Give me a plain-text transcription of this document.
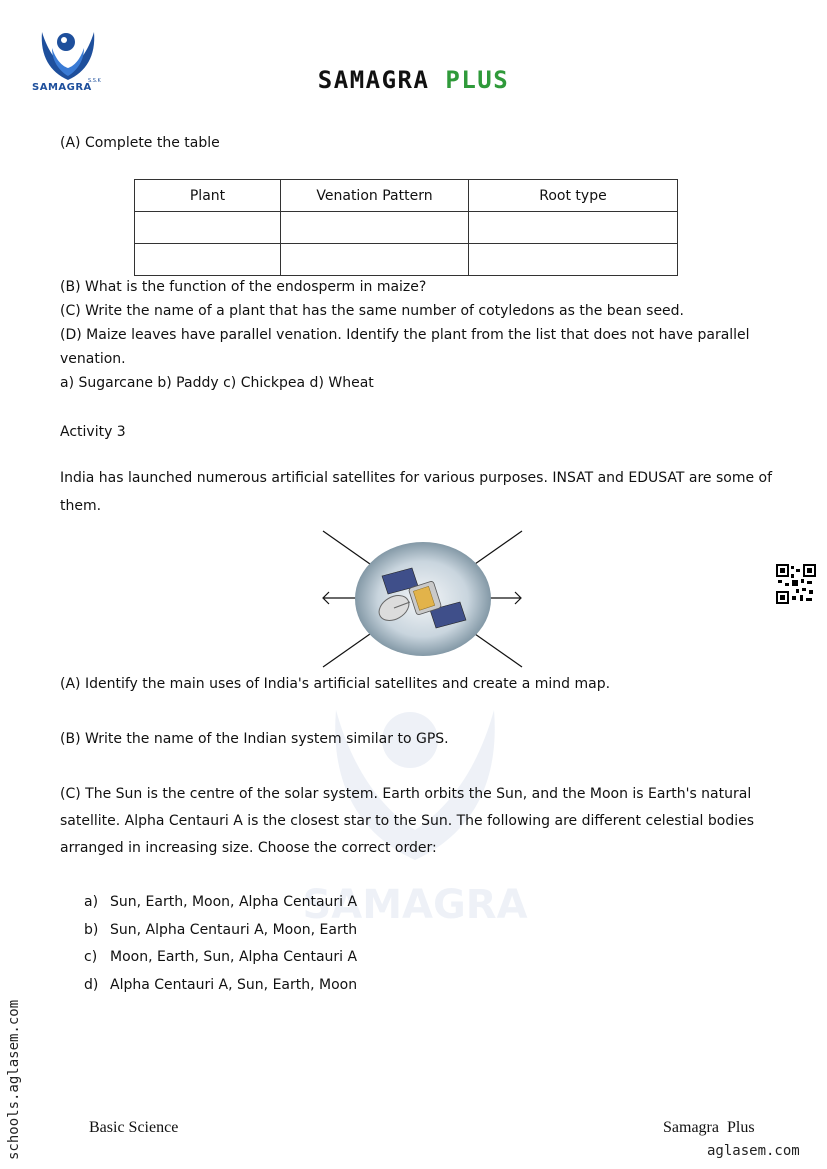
SAMAGRA
S.S.K	SAMAGRA PLUS
SAMAGRA
(A) Complete the table
Plant	Venation Pattern	Root type

(B) What is the function of the endosperm in maize?
(C) Write the name of a plant that has the same number of cotyledons as the bean seed.
(D) Maize leaves have parallel venation. Identify the plant from the list that does not have parallel
venation.
a) Sugarcane b) Paddy c) Chickpea d) Wheat
Activity 3
India has launched numerous artificial satellites for various purposes. INSAT and EDUSAT are some of
them.
(A) Identify the main uses of India's artificial satellites and create a mind map.
(B) Write the name of the Indian system similar to GPS.
(C) The Sun is the centre of the solar system. Earth orbits the Sun, and the Moon is Earth's natural
satellite. Alpha Centauri A is the closest star to the Sun. The following are different celestial bodies
arranged in increasing size. Choose the correct order:
a) Sun, Earth, Moon, Alpha Centauri A
b) Sun, Alpha Centauri A, Moon, Earth
c) Moon, Earth, Sun, Alpha Centauri A
d) Alpha Centauri A, Sun, Earth, Moon
schools.aglasem.com	Basic Science	Samagra  Plus
aglasem.com
